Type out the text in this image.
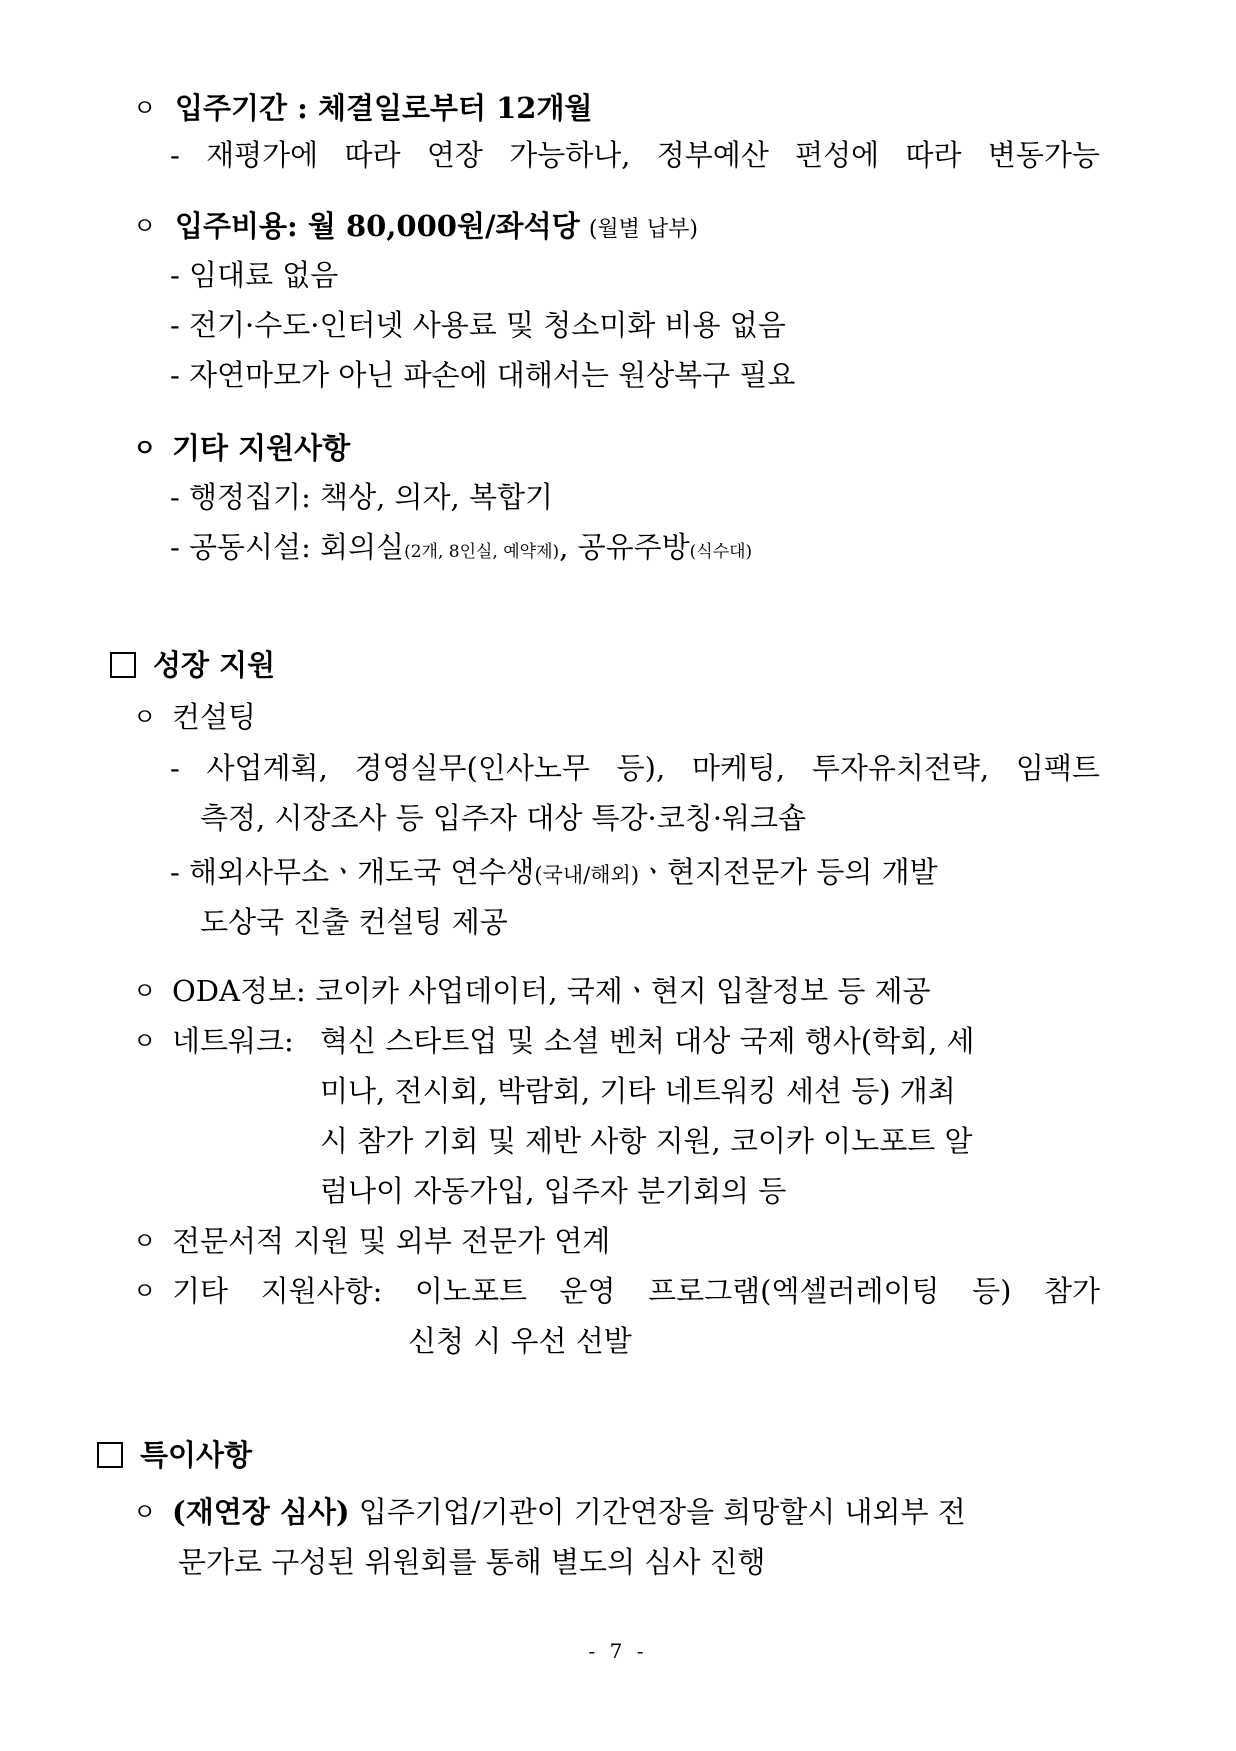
ㅇ 입주기간 : 체결일로부터 12개월
- 재평가에 따라 연장 가능하나, 정부예산 편성에 따라 변동가능
ㅇ 입주비용: 월 80,000원/좌석당 (월별 납부)
- 임대료 없음
- 전기·수도·인터넷 사용료 및 청소미화 비용 없음
- 자연마모가 아닌 파손에 대해서는 원상복구 필요
ㅇ 기타 지원사항
- 행정집기: 책상, 의자, 복합기
- 공동시설: 회의실(2개, 8인실, 예약제), 공유주방(식수대)
성장 지원
ㅇ 컨설팅
- 사업계획, 경영실무(인사노무 등), 마케팅, 투자유치전략, 임팩트
측정, 시장조사 등 입주자 대상 특강·코칭·워크숍
- 해외사무소ㆍ개도국 연수생(국내/해외)ㆍ현지전문가 등의 개발
도상국 진출 컨설팅 제공
ㅇ ODA정보: 코이카 사업데이터, 국제ㆍ현지 입찰정보 등 제공
ㅇ 네트워크: 혁신 스타트업 및 소셜 벤처 대상 국제 행사(학회, 세
미나, 전시회, 박람회, 기타 네트워킹 세션 등) 개최
시 참가 기회 및 제반 사항 지원, 코이카 이노포트 알
럼나이 자동가입, 입주자 분기회의 등
ㅇ 전문서적 지원 및 외부 전문가 연계
ㅇ 기타 지원사항: 이노포트 운영 프로그램(엑셀러레이팅 등) 참가
신청 시 우선 선발
특이사항
ㅇ (재연장 심사) 입주기업/기관이 기간연장을 희망할시 내외부 전
문가로 구성된 위원회를 통해 별도의 심사 진행
- 7 -
